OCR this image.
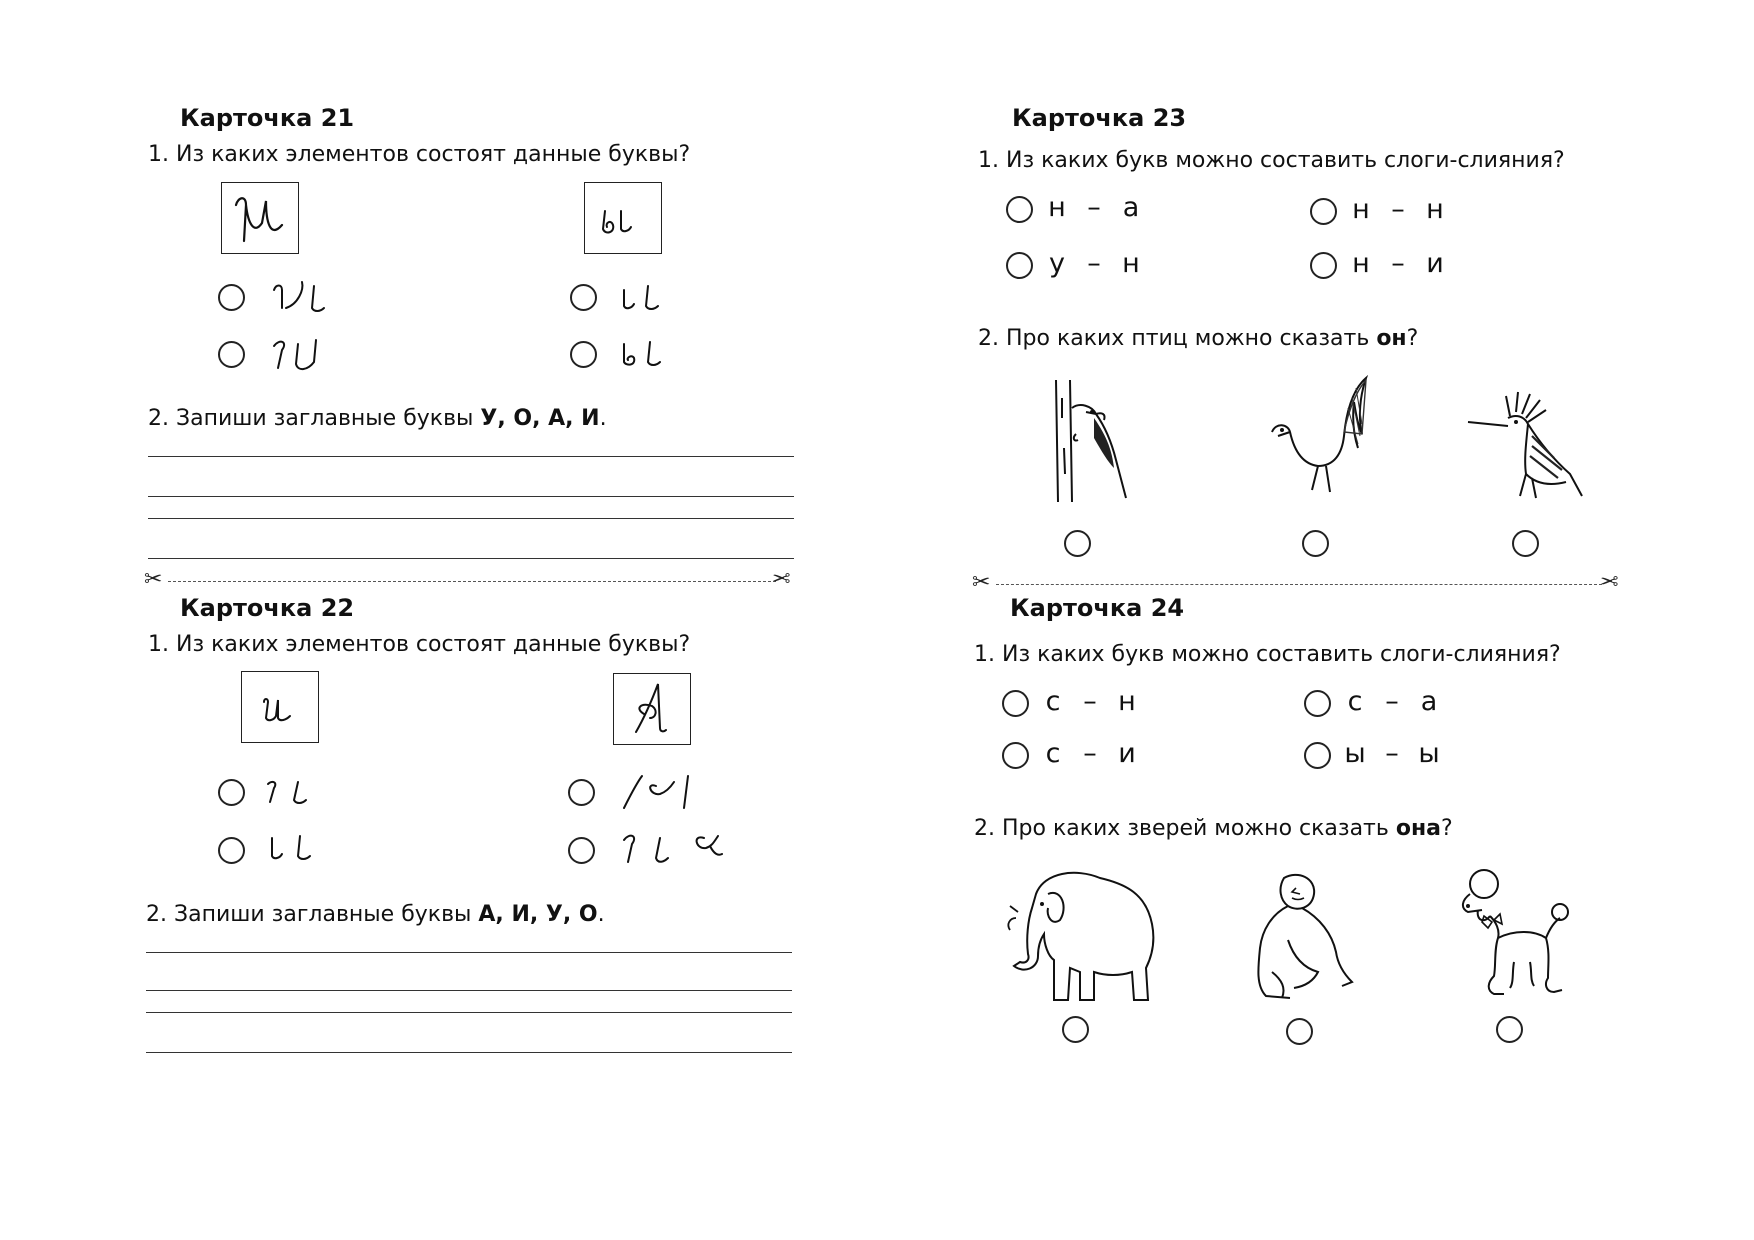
Карточка 21
1. Из каких элементов состоят данные буквы?
2. Запиши заглавные буквы У, О, А, И.
✂	✂
Карточка 22
1. Из каких элементов состоят данные буквы?
2. Запиши заглавные буквы А, И, У, О.
Карточка 23
1. Из каких букв можно составить слоги-слияния?
н – а	н – н
у – н	н – и
2. Про каких птиц можно сказать он?
✂	✂
Карточка 24
1. Из каких букв можно составить слоги-слияния?
с – н	с – а
с – и	ы – ы
2. Про каких зверей можно сказать она?
